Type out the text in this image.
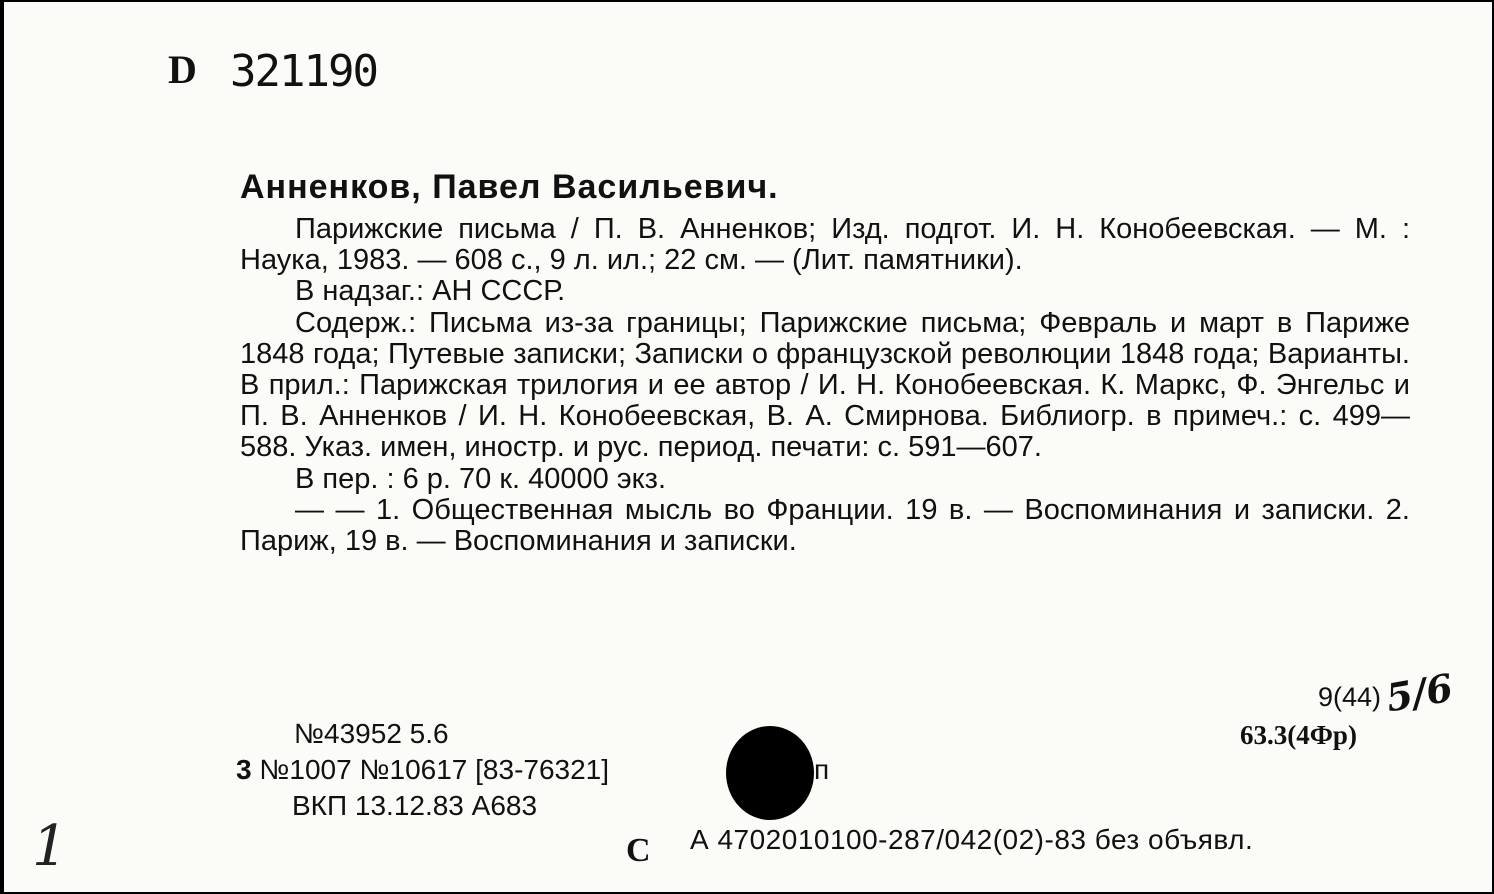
D 321190
Анненков, Павел Васильевич.

Парижские письма / П. В. Анненков; Изд. подгот. И. Н. Конобеевская. — М. : Наука, 1983. — 608 с., 9 л. ил.; 22 см. — (Лит. памятники).

В надзаг.: АН СССР.

Содерж.: Письма из-за границы; Парижские письма; Февраль и март в Париже 1848 года; Путевые записки; Записки о французской революции 1848 года; Варианты. В прил.: Парижская трилогия и ее автор / И. Н. Конобеевская. К. Маркс, Ф. Энгельс и П. В. Анненков / И. Н. Конобеевская, В. А. Смирнова. Библиогр. в примеч.: с. 499—588. Указ. имен, иностр. и рус. период. печати: с. 591—607.

В пер. : 6 р. 70 к. 40000 экз.

— — 1. Общественная мысль во Франции. 19 в. — Воспоминания и записки. 2. Париж, 19 в. — Воспоминания и записки.

9(44) 5/6
63.3(4Фр)
№43952 5.6
3 №1007 №10617 [83-76321]
ВКП 13.12.83 А683
п
1	С А 4702010100-287/042(02)-83 без объявл.
